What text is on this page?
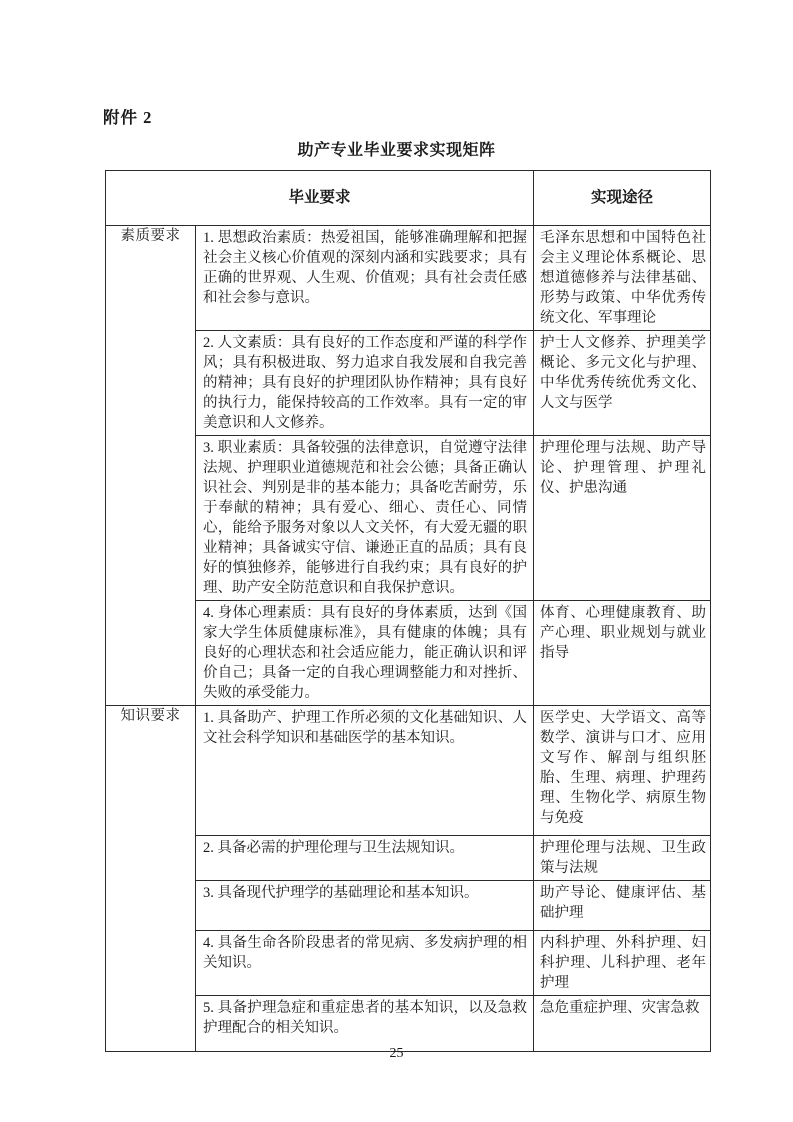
附件 2
助产专业毕业要求实现矩阵
毕业要求		实现途径
素质要求	1. 思想政治素质：热爱祖国，能够准确理解和把握社会主义核心价值观的深刻内涵和实践要求；具有正确的世界观、人生观、价值观；具有社会责任感和社会参与意识。	毛泽东思想和中国特色社会主义理论体系概论、思想道德修养与法律基础、形势与政策、中华优秀传统文化、军事理论
	2. 人文素质：具有良好的工作态度和严谨的科学作风；具有积极进取、努力追求自我发展和自我完善的精神；具有良好的护理团队协作精神；具有良好的执行力，能保持较高的工作效率。具有一定的审美意识和人文修养。	护士人文修养、护理美学概论、多元文化与护理、中华优秀传统优秀文化、人文与医学
	3. 职业素质：具备较强的法律意识，自觉遵守法律法规、护理职业道德规范和社会公德；具备正确认识社会、判别是非的基本能力；具备吃苦耐劳，乐于奉献的精神；具有爱心、细心、责任心、同情心，能给予服务对象以人文关怀，有大爱无疆的职业精神；具备诚实守信、谦逊正直的品质；具有良好的慎独修养，能够进行自我约束；具有良好的护理、助产安全防范意识和自我保护意识。	护理伦理与法规、助产导论、护理管理、护理礼仪、护患沟通
	4. 身体心理素质：具有良好的身体素质，达到《国家大学生体质健康标准》，具有健康的体魄；具有良好的心理状态和社会适应能力，能正确认识和评价自己；具备一定的自我心理调整能力和对挫折、失败的承受能力。	体育、心理健康教育、助产心理、职业规划与就业指导
知识要求	1. 具备助产、护理工作所必须的文化基础知识、人文社会科学知识和基础医学的基本知识。	医学史、大学语文、高等数学、演讲与口才、应用文写作、解剖与组织胚胎、生理、病理、护理药理、生物化学、病原生物与免疫
	2. 具备必需的护理伦理与卫生法规知识。	护理伦理与法规、卫生政策与法规
	3. 具备现代护理学的基础理论和基本知识。	助产导论、健康评估、基础护理
	4. 具备生命各阶段患者的常见病、多发病护理的相关知识。	内科护理、外科护理、妇科护理、儿科护理、老年护理
	5. 具备护理急症和重症患者的基本知识，以及急救护理配合的相关知识。	急危重症护理、灾害急救
25
